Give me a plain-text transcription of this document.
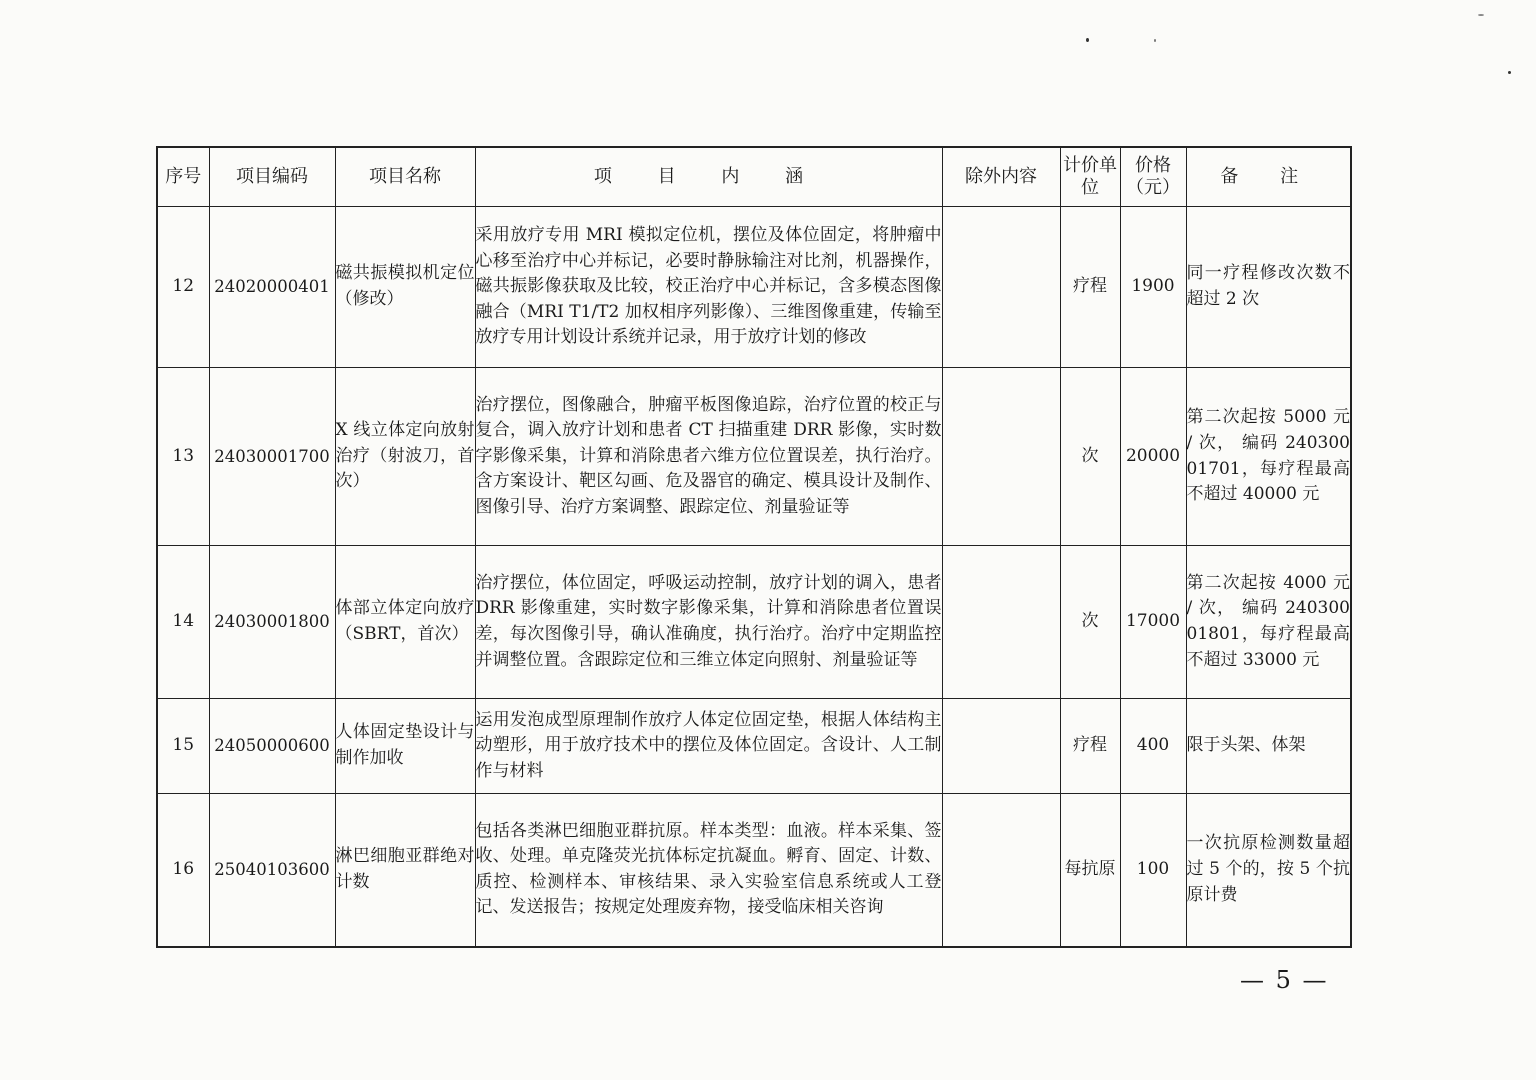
序号	项目编码	项目名称	项 目 内 涵	除外内容	计价单位	价格（元）	备 注
12	24020000401	磁共振模拟机定位（修改）	采用放疗专用 MRI 模拟定位机，摆位及体位固定，将肿瘤中心移至治疗中心并标记，必要时静脉输注对比剂，机器操作，磁共振影像获取及比较，校正治疗中心并标记，含多模态图像融合（MRI T1/T2 加权相序列影像）、三维图像重建，传输至放疗专用计划设计系统并记录，用于放疗计划的修改		疗程	1900	同一疗程修改次数不超过 2 次

13	24030001700	X 线立体定向放射治疗（射波刀，首次）	治疗摆位，图像融合，肿瘤平板图像追踪，治疗位置的校正与复合，调入放疗计划和患者 CT 扫描重建 DRR 影像，实时数字影像采集，计算和消除患者六维方位位置误差，执行治疗。含方案设计、靶区勾画、危及器官的确定、模具设计及制作、图像引导、治疗方案调整、跟踪定位、剂量验证等		次	20000	第二次起按 5000 元 / 次， 编码 24030001701，每疗程最高不超过 40000 元

14	24030001800	体部立体定向放疗（SBRT，首次）	治疗摆位，体位固定，呼吸运动控制，放疗计划的调入，患者 DRR 影像重建，实时数字影像采集，计算和消除患者位置误差，每次图像引导，确认准确度，执行治疗。治疗中定期监控并调整位置。含跟踪定位和三维立体定向照射、剂量验证等		次	17000	第二次起按 4000 元 / 次， 编码 24030001801，每疗程最高不超过 33000 元

15	24050000600	人体固定垫设计与制作加收	运用发泡成型原理制作放疗人体定位固定垫，根据人体结构主动塑形，用于放疗技术中的摆位及体位固定。含设计、人工制作与材料		疗程	400	限于头架、体架

16	25040103600	淋巴细胞亚群绝对计数	包括各类淋巴细胞亚群抗原。样本类型：血液。样本采集、签收、处理。单克隆荧光抗体标定抗凝血。孵育、固定、计数、质控、检测样本、审核结果、录入实验室信息系统或人工登记、发送报告；按规定处理废弃物，接受临床相关咨询		每抗原	100	一次抗原检测数量超过 5 个的，按 5 个抗原计费
— 5 —
